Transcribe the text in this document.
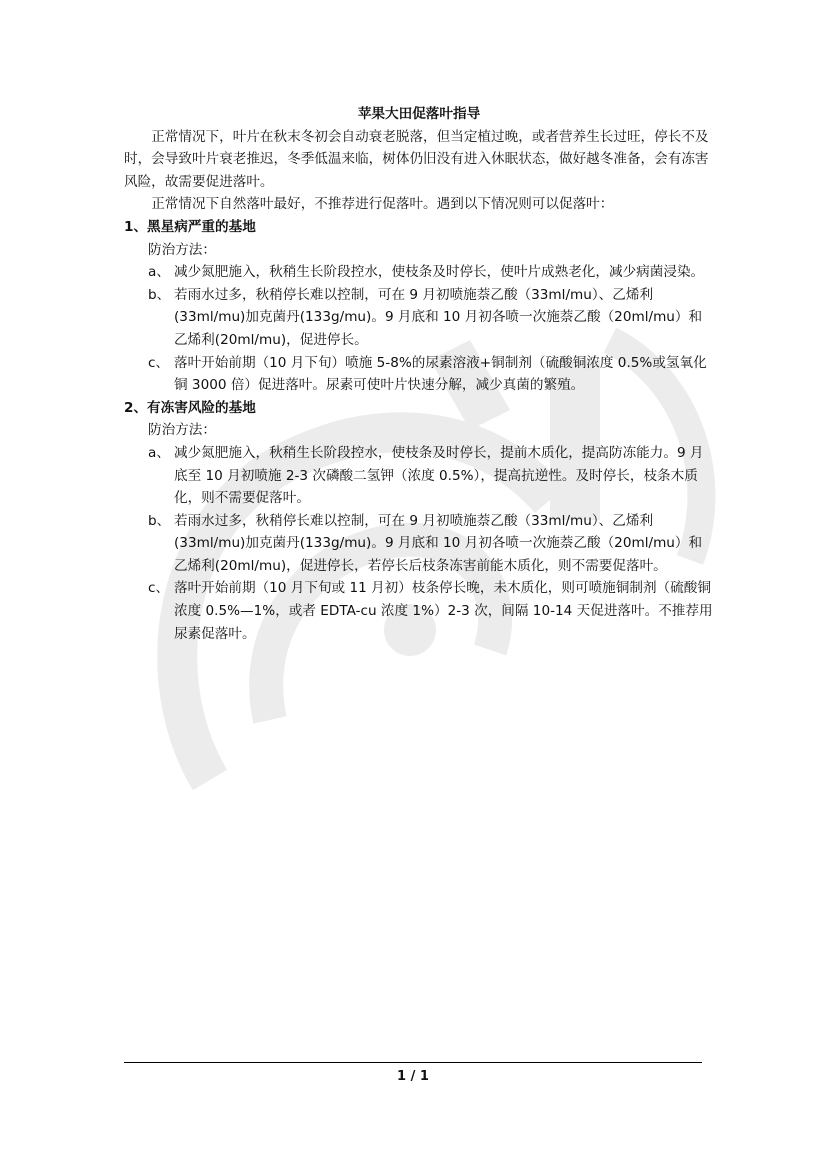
苹果大田促落叶指导

正常情况下，叶片在秋末冬初会自动衰老脱落，但当定植过晚，或者营养生长过旺，停长不及时，会导致叶片衰老推迟，冬季低温来临，树体仍旧没有进入休眠状态，做好越冬准备，会有冻害风险，故需要促进落叶。

正常情况下自然落叶最好，不推荐进行促落叶。遇到以下情况则可以促落叶：

1、黑星病严重的基地

防治方法：

a、 减少氮肥施入，秋稍生长阶段控水，使枝条及时停长，使叶片成熟老化，减少病菌浸染。
b、 若雨水过多，秋稍停长难以控制，可在 9 月初喷施萘乙酸（33ml/mu）、乙烯利(33ml/mu)加克菌丹(133g/mu)。9 月底和 10 月初各喷一次施萘乙酸（20ml/mu）和乙烯利(20ml/mu)，促进停长。
c、 落叶开始前期（10 月下旬）喷施 5-8%的尿素溶液+铜制剂（硫酸铜浓度 0.5%或氢氧化铜 3000 倍）促进落叶。尿素可使叶片快速分解，减少真菌的繁殖。

2、有冻害风险的基地

防治方法：

a、 减少氮肥施入，秋稍生长阶段控水，使枝条及时停长，提前木质化，提高防冻能力。9 月底至 10 月初喷施 2-3 次磷酸二氢钾（浓度 0.5%），提高抗逆性。及时停长，枝条木质化，则不需要促落叶。
b、 若雨水过多，秋稍停长难以控制，可在 9 月初喷施萘乙酸（33ml/mu）、乙烯利(33ml/mu)加克菌丹(133g/mu)。9 月底和 10 月初各喷一次施萘乙酸（20ml/mu）和乙烯利(20ml/mu)，促进停长，若停长后枝条冻害前能木质化，则不需要促落叶。
c、 落叶开始前期（10 月下旬或 11 月初）枝条停长晚，未木质化，则可喷施铜制剂（硫酸铜浓度 0.5%—1%，或者 EDTA-cu 浓度 1%）2-3 次，间隔 10-14 天促进落叶。不推荐用尿素促落叶。
1 / 1
